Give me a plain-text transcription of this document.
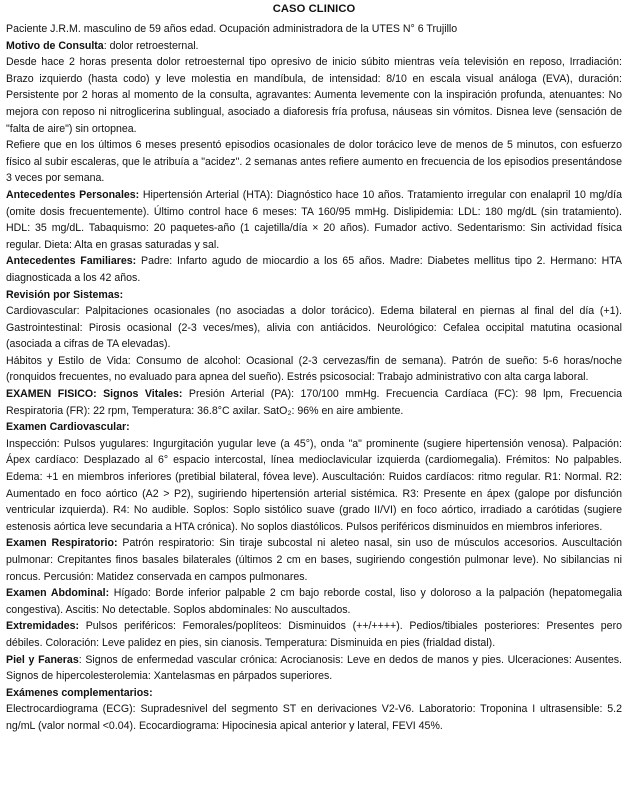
CASO CLINICO

Paciente J.R.M. masculino de 59 años edad. Ocupación administradora de la UTES N° 6 Trujillo

Motivo de Consulta: dolor retroesternal.

Desde hace 2 horas presenta dolor retroesternal tipo opresivo de inicio súbito mientras veía televisión en reposo, Irradiación: Brazo izquierdo (hasta codo) y leve molestia en mandíbula, de intensidad: 8/10 en escala visual análoga (EVA), duración: Persistente por 2 horas al momento de la consulta, agravantes: Aumenta levemente con la inspiración profunda, atenuantes: No mejora con reposo ni nitroglicerina sublingual, asociado a diaforesis fría profusa, náuseas sin vómitos. Disnea leve (sensación de "falta de aire") sin ortopnea.

Refiere que en los últimos 6 meses presentó episodios ocasionales de dolor torácico leve de menos de 5 minutos, con esfuerzo físico al subir escaleras, que le atribuía a "acidez". 2 semanas antes refiere aumento en frecuencia de los episodios presentándose 3 veces por semana.

Antecedentes Personales: Hipertensión Arterial (HTA): Diagnóstico hace 10 años. Tratamiento irregular con enalapril 10 mg/día (omite dosis frecuentemente). Último control hace 6 meses: TA 160/95 mmHg. Dislipidemia: LDL: 180 mg/dL (sin tratamiento). HDL: 35 mg/dL. Tabaquismo: 20 paquetes-año (1 cajetilla/día × 20 años). Fumador activo. Sedentarismo: Sin actividad física regular. Dieta: Alta en grasas saturadas y sal.

Antecedentes Familiares: Padre: Infarto agudo de miocardio a los 65 años. Madre: Diabetes mellitus tipo 2. Hermano: HTA diagnosticada a los 42 años.

Revisión por Sistemas:

Cardiovascular: Palpitaciones ocasionales (no asociadas a dolor torácico). Edema bilateral en piernas al final del día (+1). Gastrointestinal: Pirosis ocasional (2-3 veces/mes), alivia con antiácidos. Neurológico: Cefalea occipital matutina ocasional (asociada a cifras de TA elevadas).

Hábitos y Estilo de Vida: Consumo de alcohol: Ocasional (2-3 cervezas/fin de semana). Patrón de sueño: 5-6 horas/noche (ronquidos frecuentes, no evaluado para apnea del sueño). Estrés psicosocial: Trabajo administrativo con alta carga laboral.

EXAMEN FISICO: Signos Vitales: Presión Arterial (PA): 170/100 mmHg. Frecuencia Cardíaca (FC): 98 lpm, Frecuencia Respiratoria (FR): 22 rpm, Temperatura: 36.8°C axilar. SatO₂: 96% en aire ambiente.

Examen Cardiovascular:

Inspección: Pulsos yugulares: Ingurgitación yugular leve (a 45°), onda "a" prominente (sugiere hipertensión venosa). Palpación: Ápex cardíaco: Desplazado al 6° espacio intercostal, línea medioclavicular izquierda (cardiomegalia). Frémitos: No palpables. Edema: +1 en miembros inferiores (pretibial bilateral, fóvea leve). Auscultación: Ruidos cardíacos: ritmo regular. R1: Normal. R2: Aumentado en foco aórtico (A2 > P2), sugiriendo hipertensión arterial sistémica. R3: Presente en ápex (galope por disfunción ventricular izquierda). R4: No audible. Soplos: Soplo sistólico suave (grado II/VI) en foco aórtico, irradiado a carótidas (sugiere estenosis aórtica leve secundaria a HTA crónica). No soplos diastólicos. Pulsos periféricos disminuidos en miembros inferiores.

Examen Respiratorio: Patrón respiratorio: Sin tiraje subcostal ni aleteo nasal, sin uso de músculos accesorios. Auscultación pulmonar: Crepitantes finos basales bilaterales (últimos 2 cm en bases, sugiriendo congestión pulmonar leve). No sibilancias ni roncus. Percusión: Matidez conservada en campos pulmonares.

Examen Abdominal: Hígado: Borde inferior palpable 2 cm bajo reborde costal, liso y doloroso a la palpación (hepatomegalia congestiva). Ascitis: No detectable. Soplos abdominales: No auscultados.

Extremidades: Pulsos periféricos: Femorales/poplíteos: Disminuidos (++/++++). Pedios/tibiales posteriores: Presentes pero débiles. Coloración: Leve palidez en pies, sin cianosis. Temperatura: Disminuida en pies (frialdad distal).

Piel y Faneras: Signos de enfermedad vascular crónica: Acrocianosis: Leve en dedos de manos y pies. Ulceraciones: Ausentes. Signos de hipercolesterolemia: Xantelasmas en párpados superiores.

Exámenes complementarios:

Electrocardiograma (ECG): Supradesnivel del segmento ST en derivaciones V2-V6. Laboratorio: Troponina I ultrasensible: 5.2 ng/mL (valor normal <0.04). Ecocardiograma: Hipocinesia apical anterior y lateral, FEVI 45%.
